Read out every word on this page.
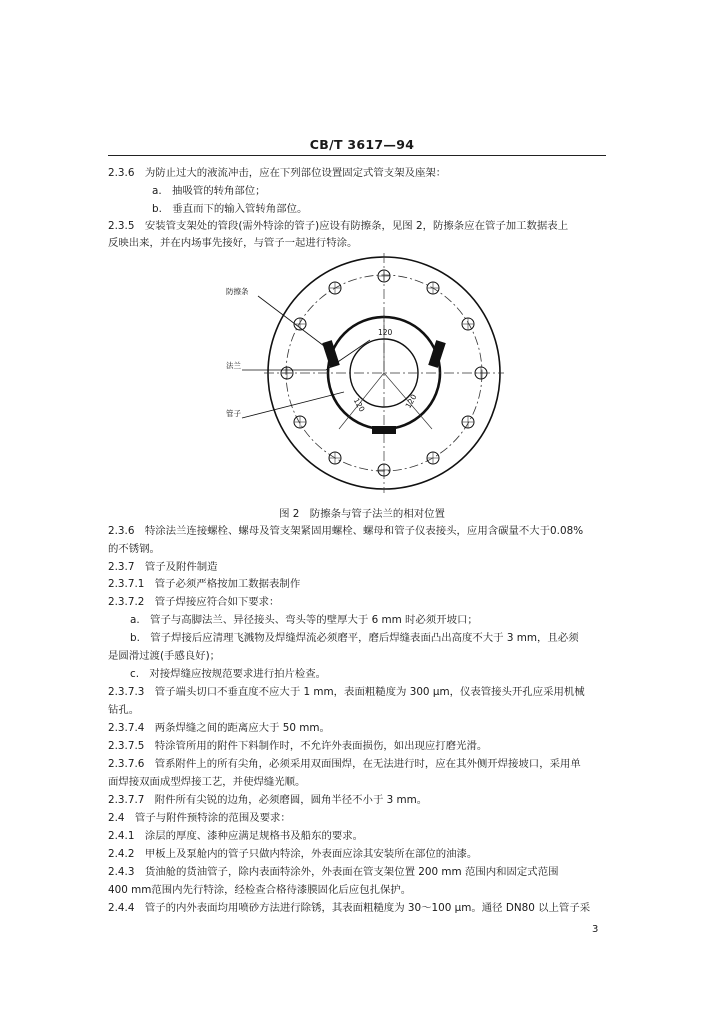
CB/T 3617—94
2.3.6　为防止过大的液流冲击，应在下列部位设置固定式管支架及座架：
a.　抽吸管的转角部位；
b.　垂直而下的输入管转角部位。
2.3.5　安装管支架处的管段(需外特涂的管子)应设有防擦条，见图 2，防擦条应在管子加工数据表上
反映出来，并在内场事先接好，与管子一起进行特涂。
防擦条
法兰
管子
120
120	120
图 2　防擦条与管子法兰的相对位置
2.3.6　特涂法兰连接螺栓、螺母及管支架紧固用螺栓、螺母和管子仪表接头，应用含碳量不大于0.08%
的不锈钢。
2.3.7　管子及附件制造
2.3.7.1　管子必须严格按加工数据表制作
2.3.7.2　管子焊接应符合如下要求：
a.　管子与高脚法兰、异径接头、弯头等的壁厚大于 6 mm 时必须开坡口；
b.　管子焊接后应清理飞溅物及焊缝焊流必须磨平，磨后焊缝表面凸出高度不大于 3 mm，且必须
是圆滑过渡(手感良好)；
c.　对接焊缝应按规范要求进行拍片检查。
2.3.7.3　管子端头切口不垂直度不应大于 1 mm，表面粗糙度为 300 μm，仪表管接头开孔应采用机械
钻孔。
2.3.7.4　两条焊缝之间的距离应大于 50 mm。
2.3.7.5　特涂管所用的附件下料制作时，不允许外表面损伤，如出现应打磨光滑。
2.3.7.6　管系附件上的所有尖角，必须采用双面围焊，在无法进行时，应在其外侧开焊接坡口，采用单
面焊接双面成型焊接工艺，并使焊缝光顺。
2.3.7.7　附件所有尖锐的边角，必须磨圆，圆角半径不小于 3 mm。
2.4　管子与附件预特涂的范围及要求：
2.4.1　涂层的厚度、漆种应满足规格书及船东的要求。
2.4.2　甲板上及泵舱内的管子只做内特涂，外表面应涂其安装所在部位的油漆。
2.4.3　货油舱的货油管子，除内表面特涂外，外表面在管支架位置 200 mm 范围内和固定式范围
400 mm范围内先行特涂，经检查合格待漆膜固化后应包扎保护。
2.4.4　管子的内外表面均用喷砂方法进行除锈，其表面粗糙度为 30～100 μm。通径 DN80 以上管子采
3
